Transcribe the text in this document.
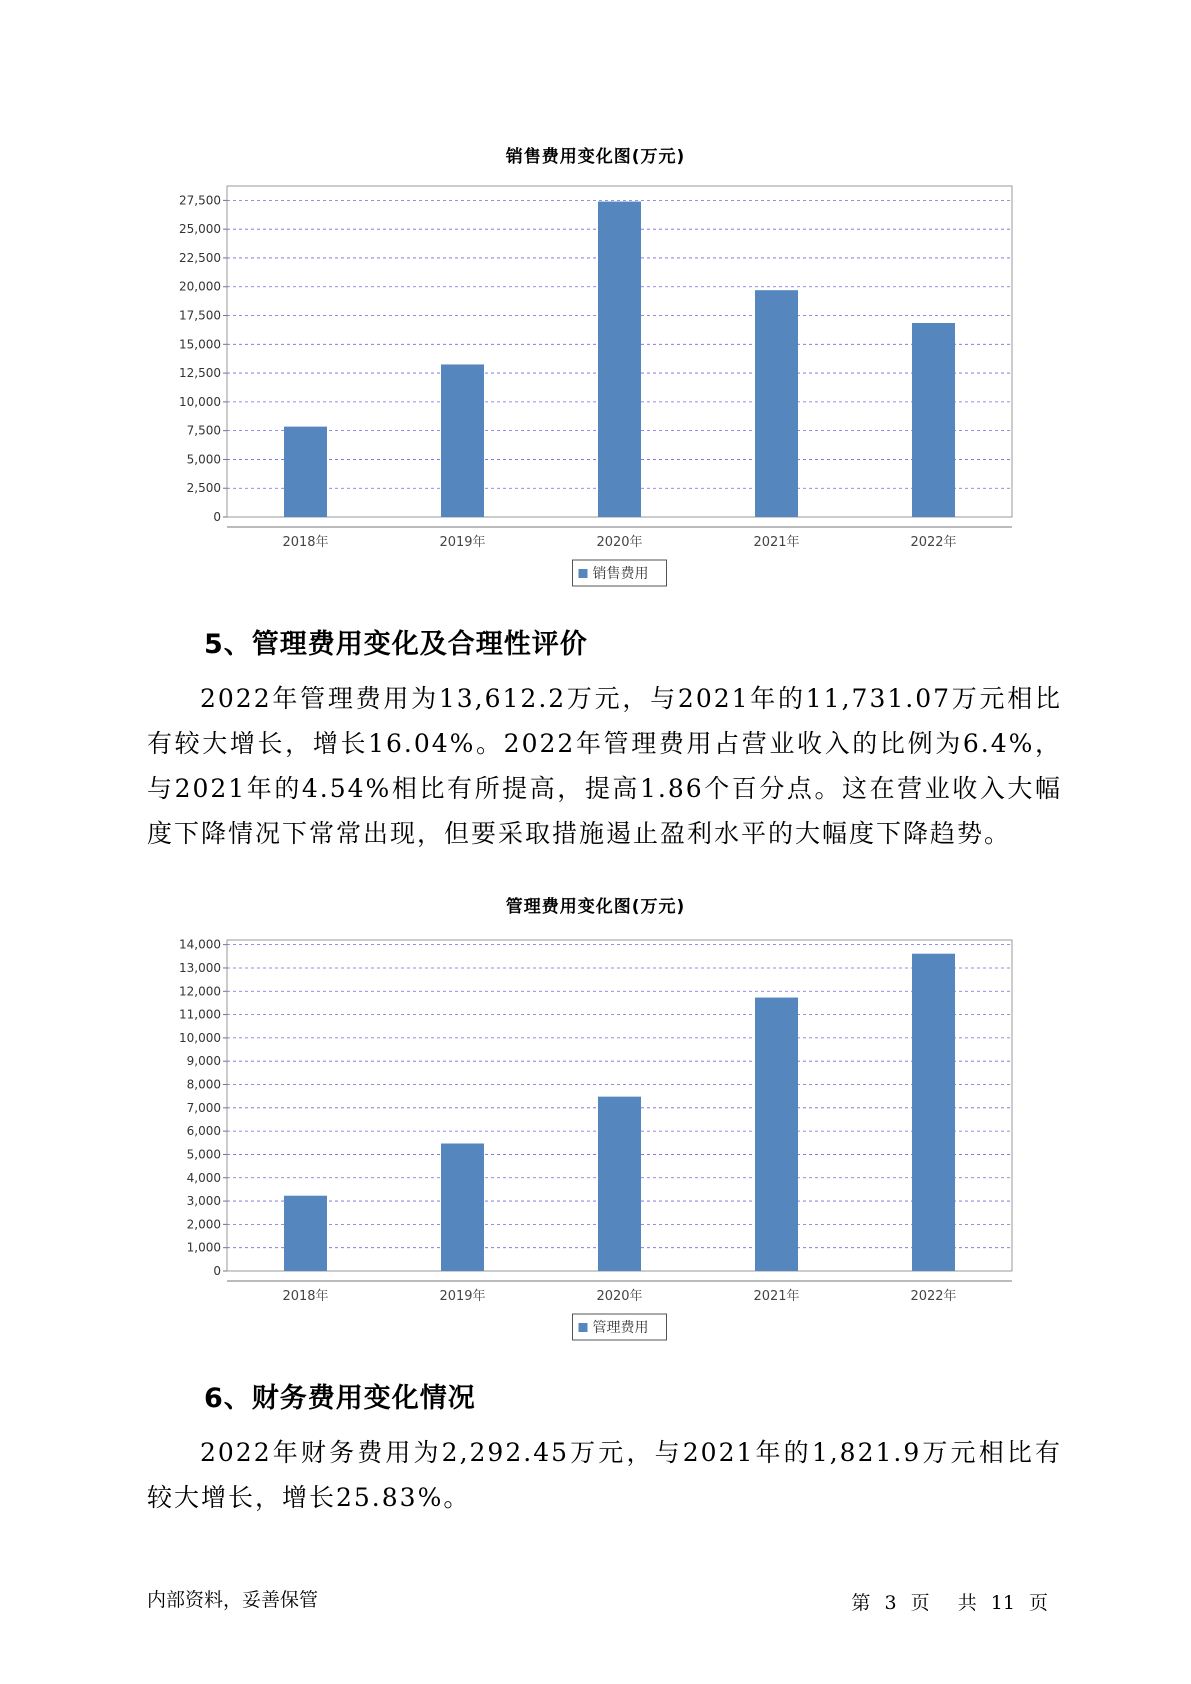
销售费用变化图(万元)
0
2,500
5,000
7,500
10,000
12,500
15,000
17,500
20,000
22,500
25,000
27,500
2018年	2019年	2020年	2021年	2022年
销售费用
5、管理费用变化及合理性评价

2022年管理费用为13,612.2万元，与2021年的11,731.07万元相比有较大增长，增长16.04%。2022年管理费用占营业收入的比例为6.4%，与2021年的4.54%相比有所提高，提高1.86个百分点。这在营业收入大幅度下降情况下常常出现，但要采取措施遏止盈利水平的大幅度下降趋势。

管理费用变化图(万元)
0
1,000
2,000
3,000
4,000
5,000
6,000
7,000
8,000
9,000
10,000
11,000
12,000
13,000
14,000
2018年	2019年	2020年	2021年	2022年
管理费用
6、财务费用变化情况

2022年财务费用为2,292.45万元，与2021年的1,821.9万元相比有较大增长，增长25.83%。

内部资料，妥善保管	第 3 页 共 11 页
